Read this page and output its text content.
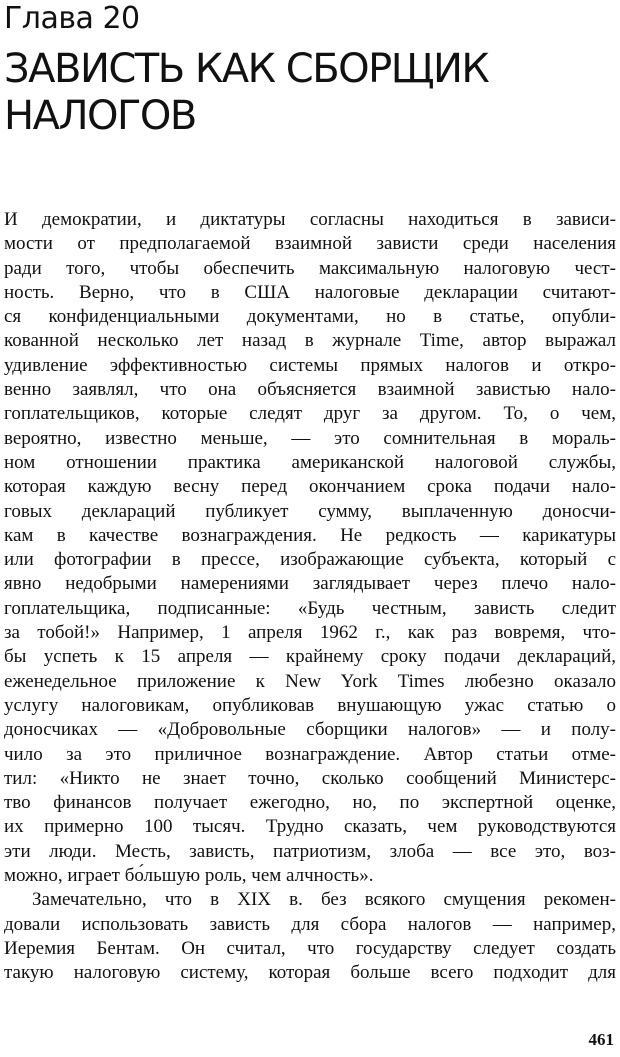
Глава 20
ЗАВИСТЬ КАК СБОРЩИК
НАЛОГОВ
И демократии, и диктатуры согласны находиться в зависи-
мости от предполагаемой взаимной зависти среди населения
ради того, чтобы обеспечить максимальную налоговую чест-
ность. Верно, что в США налоговые декларации считают-
ся конфиденциальными документами, но в статье, опубли-
кованной несколько лет назад в журнале Time, автор выражал
удивление эффективностью системы прямых налогов и откро-
венно заявлял, что она объясняется взаимной завистью нало-
гоплательщиков, которые следят друг за другом. То, о чем,
вероятно, известно меньше, — это сомнительная в мораль-
ном отношении практика американской налоговой службы,
которая каждую весну перед окончанием срока подачи нало-
говых деклараций публикует сумму, выплаченную доносчи-
кам в качестве вознаграждения. Не редкость — карикатуры
или фотографии в прессе, изображающие субъекта, который с
явно недобрыми намерениями заглядывает через плечо нало-
гоплательщика, подписанные: «Будь честным, зависть следит
за тобой!» Например, 1 апреля 1962 г., как раз вовремя, что-
бы успеть к 15 апреля — крайнему сроку подачи деклараций,
еженедельное приложение к New York Times любезно оказало
услугу налоговикам, опубликовав внушающую ужас статью о
доносчиках — «Добровольные сборщики налогов» — и полу-
чило за это приличное вознаграждение. Автор статьи отме-
тил: «Никто не знает точно, сколько сообщений Министерс-
тво финансов получает ежегодно, но, по экспертной оценке,
их примерно 100 тысяч. Трудно сказать, чем руководствуются
эти люди. Месть, зависть, патриотизм, злоба — все это, воз-
можно, играет бо́льшую роль, чем алчность».
Замечательно, что в XIX в. без всякого смущения рекомен-
довали использовать зависть для сбора налогов — например,
Иеремия Бентам. Он считал, что государству следует создать
такую налоговую систему, которая больше всего подходит для
461
